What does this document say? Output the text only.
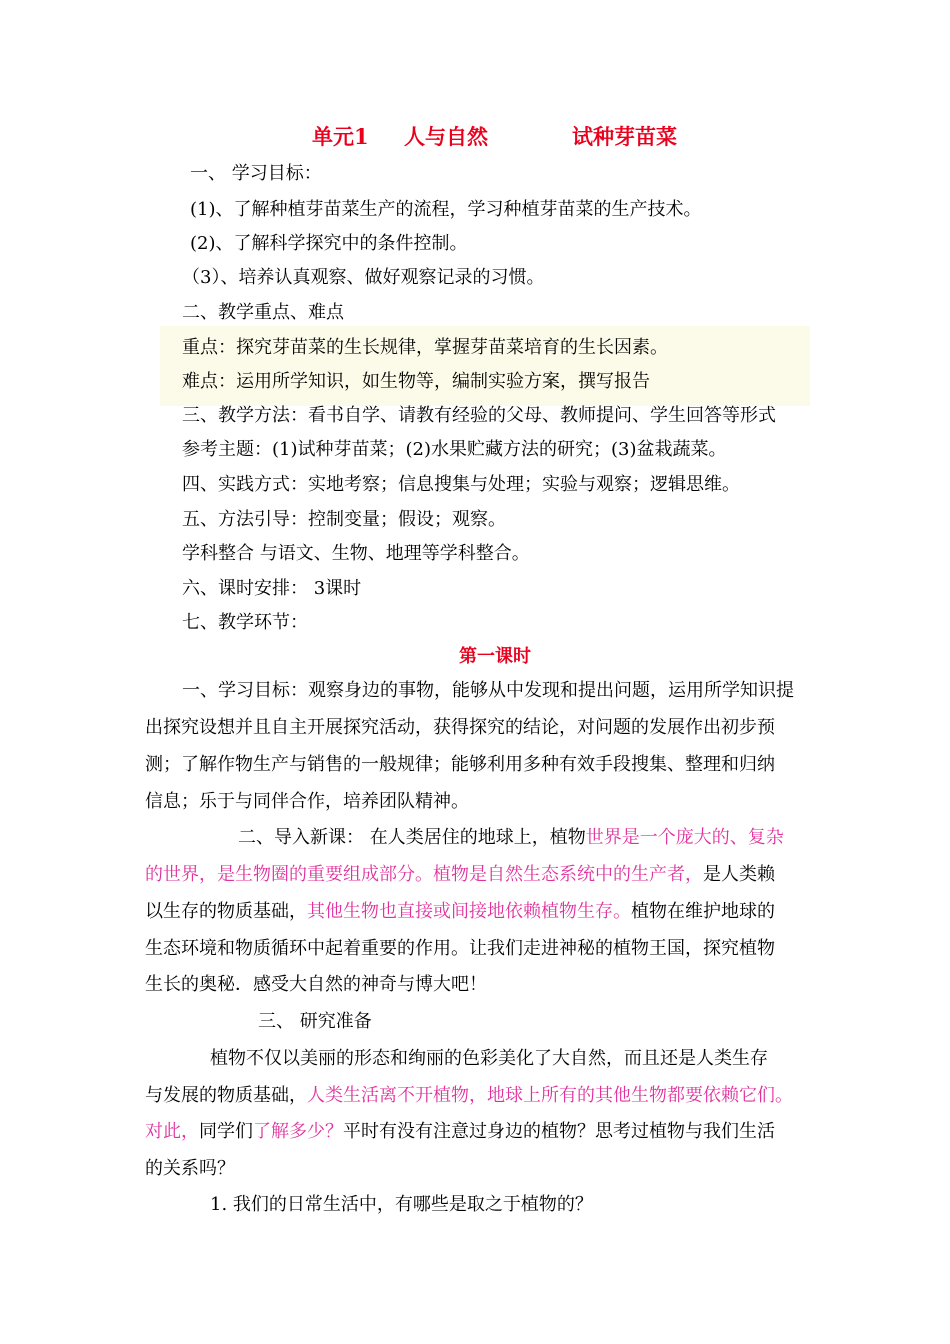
单元1 人与自然	试种芽苗菜
一、 学习目标：
(1)、了解种植芽苗菜生产的流程，学习种植芽苗菜的生产技术。
(2)、了解科学探究中的条件控制。
（3）、培养认真观察、做好观察记录的习惯。
二、教学重点、难点
重点：探究芽苗菜的生长规律，掌握芽苗菜培育的生长因素。
难点：运用所学知识，如生物等，编制实验方案，撰写报告
三、教学方法：看书自学、请教有经验的父母、教师提问、学生回答等形式
参考主题：(1)试种芽苗菜；(2)水果贮藏方法的研究；(3)盆栽蔬菜。
四、实践方式：实地考察；信息搜集与处理；实验与观察；逻辑思维。
五、方法引导：控制变量；假设；观察。
学科整合 与语文、生物、地理等学科整合。
六、课时安排： 3课时
七、教学环节：
第一课时
一、学习目标：观察身边的事物，能够从中发现和提出问题，运用所学知识提
出探究设想并且自主开展探究活动，获得探究的结论，对问题的发展作出初步预
测；了解作物生产与销售的一般规律；能够利用多种有效手段搜集、整理和归纳
信息；乐于与同伴合作，培养团队精神。
二、导入新课： 在人类居住的地球上，植物世界是一个庞大的、复杂
的世界，是生物圈的重要组成部分。植物是自然生态系统中的生产者，是人类赖
以生存的物质基础，其他生物也直接或间接地依赖植物生存。植物在维护地球的
生态环境和物质循环中起着重要的作用。让我们走进神秘的植物王国，探究植物
生长的奥秘．感受大自然的神奇与博大吧！
三、 研究准备
植物不仅以美丽的形态和绚丽的色彩美化了大自然，而且还是人类生存
与发展的物质基础，人类生活离不开植物，地球上所有的其他生物都要依赖它们。
对此，同学们了解多少？平时有没有注意过身边的植物？思考过植物与我们生活
的关系吗？
1. 我们的日常生活中，有哪些是取之于植物的？
